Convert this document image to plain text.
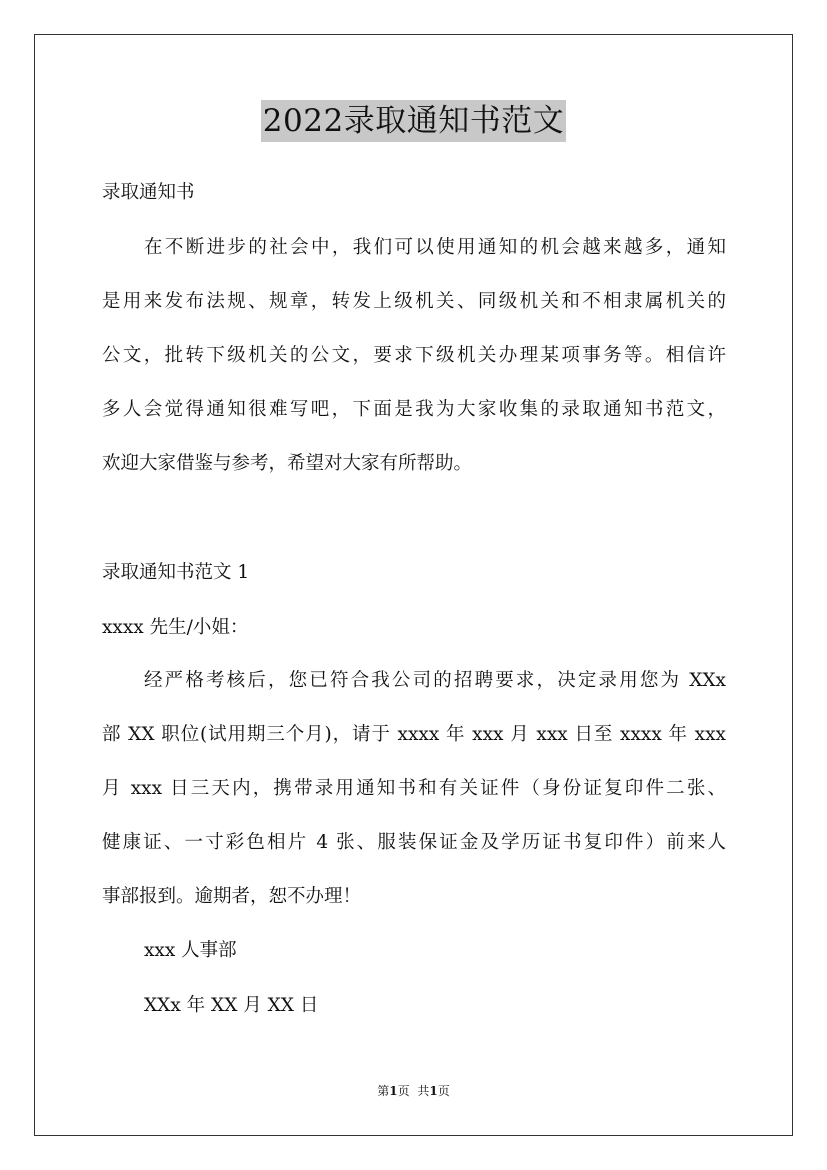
2022录取通知书范文
录取通知书
在不断进步的社会中，我们可以使用通知的机会越来越多，通知
是用来发布法规、规章，转发上级机关、同级机关和不相隶属机关的
公文，批转下级机关的公文，要求下级机关办理某项事务等。相信许
多人会觉得通知很难写吧，下面是我为大家收集的录取通知书范文，
欢迎大家借鉴与参考，希望对大家有所帮助。
录取通知书范文 1
xxxx 先生/小姐：
经严格考核后，您已符合我公司的招聘要求，决定录用您为 XXx
部 XX 职位(试用期三个月)，请于 xxxx 年 xxx 月 xxx 日至 xxxx 年 xxx
月 xxx 日三天内，携带录用通知书和有关证件（身份证复印件二张、
健康证、一寸彩色相片 4 张、服装保证金及学历证书复印件）前来人
事部报到。逾期者，恕不办理！
xxx 人事部
XXx 年 XX 月 XX 日
第1页 共1页
